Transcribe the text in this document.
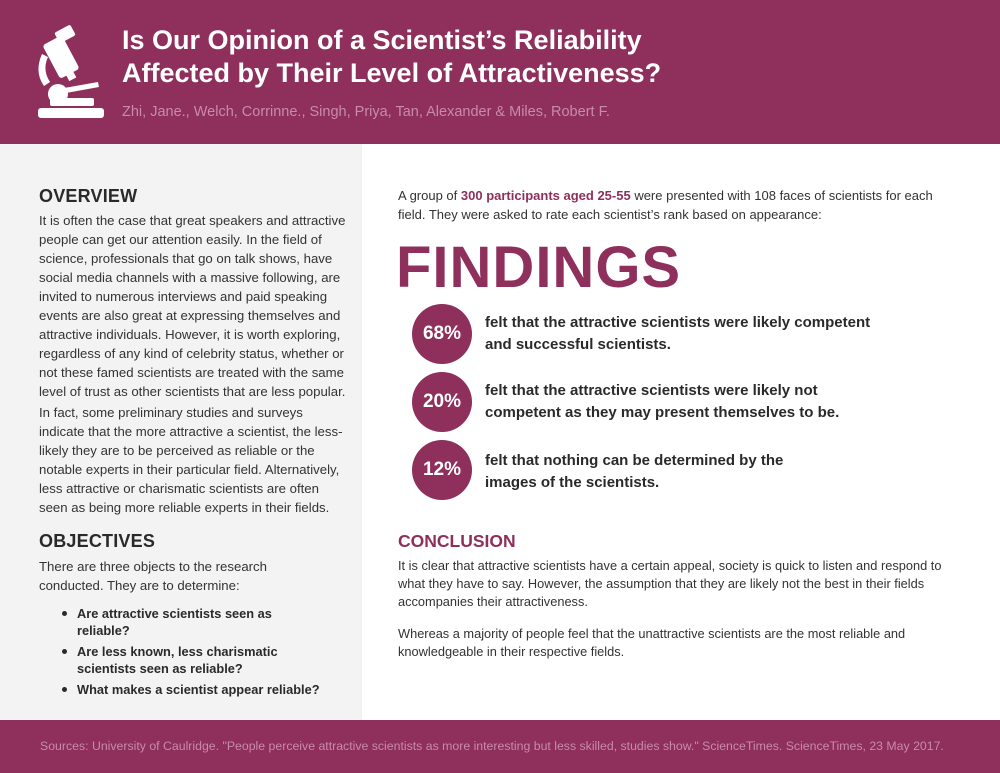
Is Our Opinion of a Scientist’s Reliability
Affected by Their Level of Attractiveness?
Zhi, Jane., Welch, Corrinne., Singh, Priya, Tan, Alexander & Miles, Robert F.
OVERVIEW

It is often the case that great speakers and attractive people can get our attention easily. In the field of science, professionals that go on talk shows, have social media channels with a massive following, are invited to numerous interviews and paid speaking events are also great at expressing themselves and attractive individuals. However, it is worth exploring, regardless of any kind of celebrity status, whether or not these famed scientists are treated with the same level of trust as other scientists that are less popular.

In fact, some preliminary studies and surveys indicate that the more attractive a scientist, the less-likely they are to be perceived as reliable or the notable experts in their particular field. Alternatively, less attractive or charismatic scientists are often seen as being more reliable experts in their fields.

OBJECTIVES

There are three objects to the research conducted. They are to determine:

Are attractive scientists seen as reliable?
Are less known, less charismatic scientists seen as reliable?
What makes a scientist appear reliable?

A group of 300 participants aged 25-55 were presented with 108 faces of scientists for each field. They were asked to rate each scientist’s rank based on appearance:

FINDINGS
68%
felt that the attractive scientists were likely competent and successful scientists.
20%
felt that the attractive scientists were likely not competent as they may present themselves to be.
12%	felt that nothing can be determined by the images of the scientists.
CONCLUSION

It is clear that attractive scientists have a certain appeal, society is quick to listen and respond to what they have to say. However, the assumption that they are likely not the best in their fields accompanies their attractiveness.

Whereas a majority of people feel that the unattractive scientists are the most reliable and knowledgeable in their respective fields.

Sources: University of Caulridge. "People perceive attractive scientists as more interesting but less skilled, studies show." ScienceTimes. ScienceTimes, 23 May 2017.
